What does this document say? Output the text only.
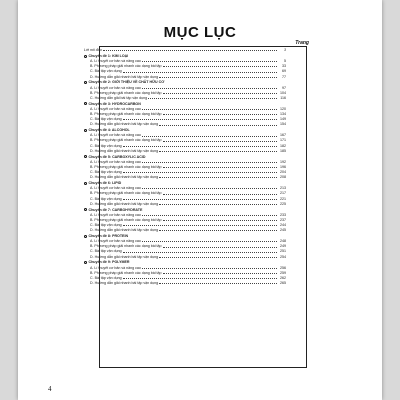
MỤC LỤC
Trang
4
Lời nói đầu	3
Chuyên đề 1: KIM LOẠI
A. Lí thuyết cơ bản và nâng cao	5
B. Phương pháp giải nhanh các dạng bài tập	33
C. Bài tập vận dụng	69
D. Hướng dẫn giải nhanh bài tập vận dụng	77
Chuyên đề 2: GIỚI THIỆU VỀ CHẤT HỮU CƠ
A. Lí thuyết cơ bản và nâng cao	97
B. Phương pháp giải nhanh các dạng bài tập	104
C. Hướng dẫn giải bài tập vận dụng	116
Chuyên đề 3: HYDROCARBON
A. Lí thuyết cơ bản và nâng cao	120
B. Phương pháp giải nhanh các dạng bài tập	134
C. Bài tập vận dụng	149
D. Hướng dẫn giải nhanh bài tập vận dụng	154
Chuyên đề 4: ALCOHOL
A. Lí thuyết cơ bản và nâng cao	167
B. Phương pháp giải nhanh các dạng bài tập	171
C. Bài tập vận dụng	182
D. Hướng dẫn giải nhanh bài tập vận dụng	185
Chuyên đề 5: CARBOXYLIC ACID
A. Lí thuyết cơ bản và nâng cao	192
B. Phương pháp giải nhanh các dạng bài tập	196
C. Bài tập vận dụng	204
D. Hướng dẫn giải nhanh bài tập vận dụng	208
Chuyên đề 6: LIPID
A. Lí thuyết cơ bản và nâng cao	213
B. Phương pháp giải nhanh các dạng bài tập	217
C. Bài tập vận dụng	221
D. Hướng dẫn giải nhanh bài tập vận dụng	225
Chuyên đề 7: CARBOHYDRATE
A. Lí thuyết cơ bản và nâng cao	233
B. Phương pháp giải nhanh các dạng bài tập	237
C. Bài tập vận dụng	244
D. Hướng dẫn giải nhanh bài tập vận dụng	245
Chuyên đề 8: PROTEIN
A. Lí thuyết cơ bản và nâng cao	248
B. Phương pháp giải nhanh các dạng bài tập	249
C. Bài tập vận dụng	251
D. Hướng dẫn giải nhanh bài tập vận dụng	254
Chuyên đề 9: POLYMER
A. Lí thuyết cơ bản và nâng cao	256
B. Phương pháp giải nhanh các dạng bài tập	259
C. Bài tập vận dụng	262
D. Hướng dẫn giải nhanh bài tập vận dụng	265
